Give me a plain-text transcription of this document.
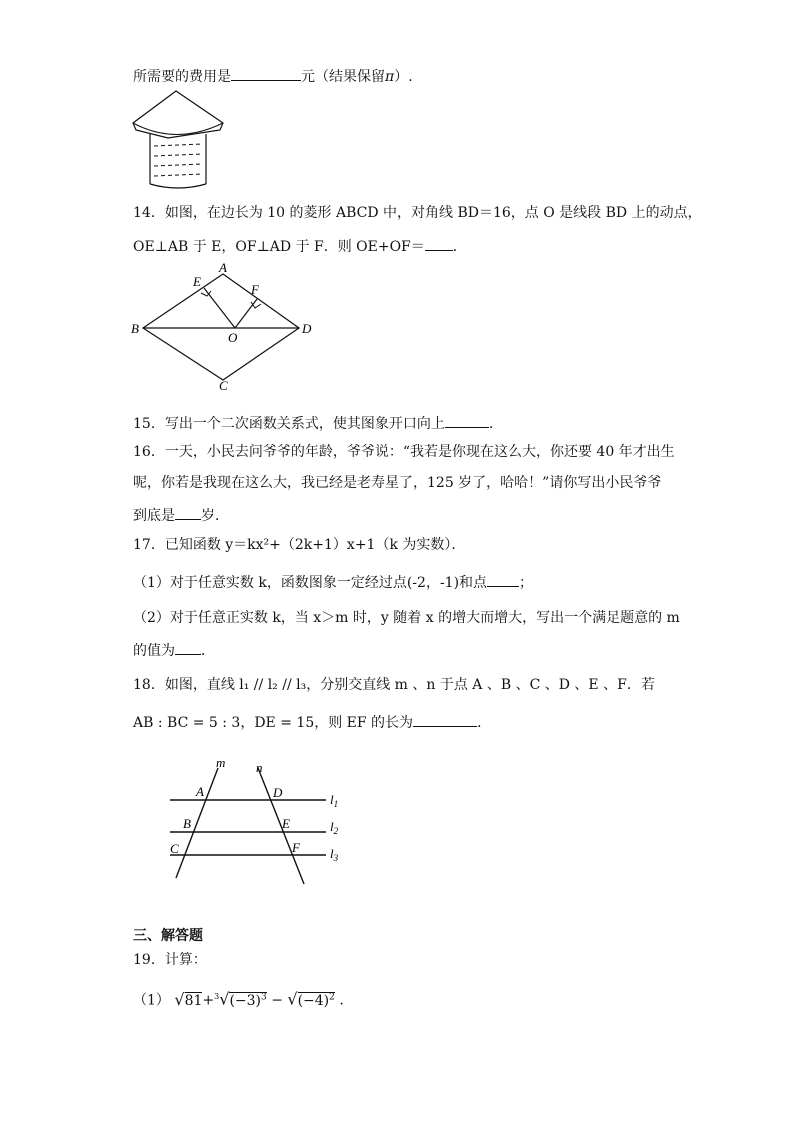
所需要的费用是	元（结果保留π）.
14．如图，在边长为 10 的菱形 ABCD 中，对角线 BD＝16，点 O 是线段 BD 上的动点，
OE⊥AB 于 E，OF⊥AD 于 F．则 OE+OF＝ ．
A
E
F
B	D
O
C
15．写出一个二次函数关系式，使其图象开口向上	.
16．一天，小民去问爷爷的年龄，爷爷说：“我若是你现在这么大，你还要 40 年才出生
呢，你若是我现在这么大，我已经是老寿星了，125 岁了，哈哈！”请你写出小民爷爷
到底是 岁．
17．已知函数 y＝kx²+（2k+1）x+1（k 为实数）．
（1）对于任意实数 k，函数图象一定经过点(-2，-1)和点 ；
（2）对于任意正实数 k，当 x＞m 时，y 随着 x 的增大而增大，写出一个满足题意的 m
的值为 ．
18．如图，直线 l₁ // l₂ // l₃，分别交直线 m 、n 于点 A 、B 、C 、D 、E 、F．若
AB : BC = 5 : 3，DE = 15，则 EF 的长为	．
m n
A
B
C
D
E
F
$l_1$
$l_2$
$l_3$
三、解答题
19．计算：
（1） $√81+^3√(-3)^3 - √(-4)^2$ .
